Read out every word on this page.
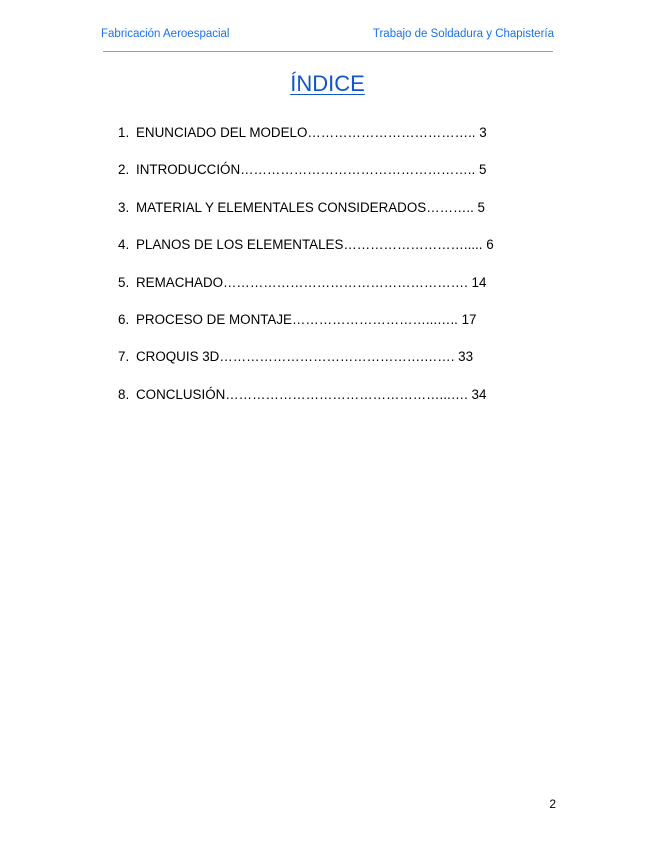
Fabricación Aeroespacial	Trabajo de Soldadura y Chapistería
ÍNDICE
1. ENUNCIADO DEL MODELO……………………………….. 3
2. INTRODUCCIÓN…………………………………………….. 5
3. MATERIAL Y ELEMENTALES CONSIDERADOS……….. 5
4. PLANOS DE LOS ELEMENTALES………………………..... 6
5. REMACHADO………………………………………………. 14
6. PROCESO DE MONTAJE…………………………...….. 17
7. CROQUIS 3D……………………………………….……. 33
8. CONCLUSIÓN…………………………………………...…. 34
2
